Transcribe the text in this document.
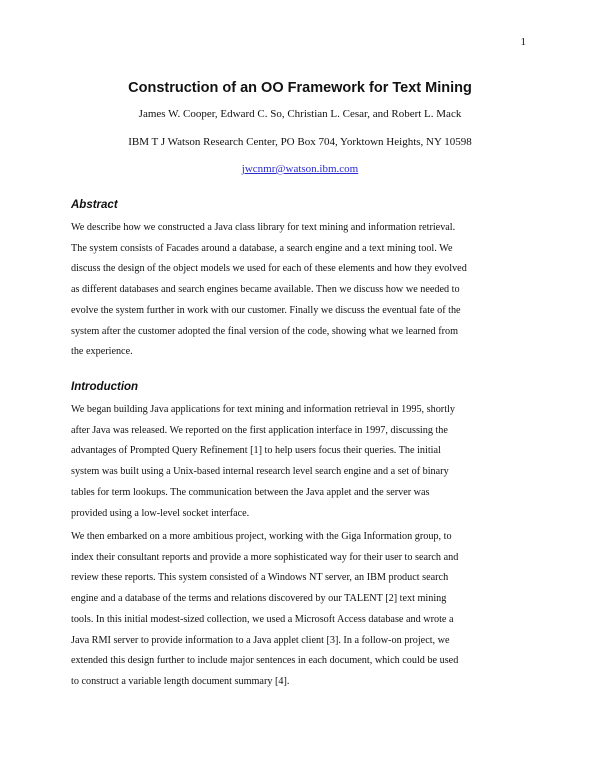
1
Construction of an OO Framework for Text Mining
James W. Cooper, Edward C. So, Christian L. Cesar, and Robert L. Mack
IBM T J Watson Research Center, PO Box 704, Yorktown Heights, NY 10598
jwcnmr@watson.ibm.com
Abstract
We describe how we constructed a Java class library for text mining and information retrieval.
The system consists of Facades around a database, a search engine and a text mining tool. We
discuss the design of the object models we used for each of these elements and how they evolved
as different databases and search engines became available. Then we discuss how we needed to
evolve the system further in work with our customer. Finally we discuss the eventual fate of the
system after the customer adopted the final version of the code, showing what we learned from
the experience.
Introduction
We began building Java applications for text mining and information retrieval in 1995, shortly
after Java was released. We reported on the first application interface in 1997, discussing the
advantages of Prompted Query Refinement [1] to help users focus their queries. The initial
system was built using a Unix-based internal research level search engine and a set of binary
tables for term lookups. The communication between the Java applet and the server was
provided using a low-level socket interface.
We then embarked on a more ambitious project, working with the Giga Information group, to
index their consultant reports and provide a more sophisticated way for their user to search and
review these reports. This system consisted of a Windows NT server, an IBM product search
engine and a database of the terms and relations discovered by our TALENT [2] text mining
tools. In this initial modest-sized collection, we used a Microsoft Access database and wrote a
Java RMI server to provide information to a Java applet client [3]. In a follow-on project, we
extended this design further to include major sentences in each document, which could be used
to construct a variable length document summary [4].
